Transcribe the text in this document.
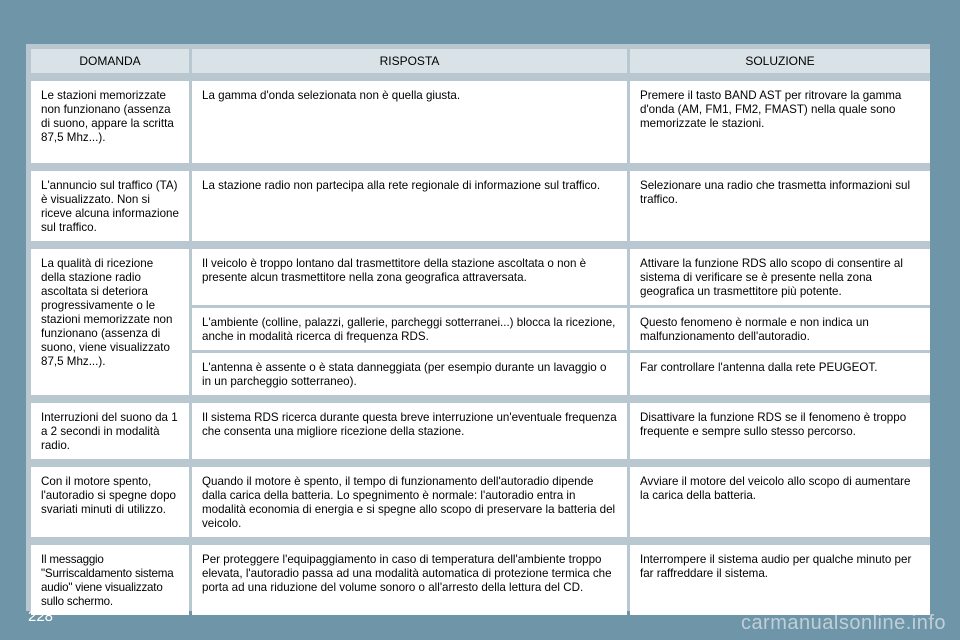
DOMANDA	RISPOSTA	SOLUZIONE

Le stazioni memorizzate non funzionano (assenza di suono, appare la scritta 87,5 Mhz...).	La gamma d'onda selezionata non è quella giusta.	Premere il tasto BAND AST per ritrovare la gamma d'onda (AM, FM1, FM2, FMAST) nella quale sono memorizzate le stazioni.

L'annuncio sul traffico (TA) è visualizzato. Non si riceve alcuna informazione sul traffico.	La stazione radio non partecipa alla rete regionale di informazione sul traffico.	Selezionare una radio che trasmetta informazioni sul traffico.

La qualità di ricezione della stazione radio ascoltata si deteriora progressivamente o le stazioni memorizzate non funzionano (assenza di suono, viene visualizzato 87,5 Mhz...).	Il veicolo è troppo lontano dal trasmettitore della stazione ascoltata o non è presente alcun trasmettitore nella zona geografica attraversata.	Attivare la funzione RDS allo scopo di consentire al sistema di verificare se è presente nella zona geografica un trasmettitore più potente.
	L'ambiente (colline, palazzi, gallerie, parcheggi sotterranei...) blocca la ricezione, anche in modalità ricerca di frequenza RDS.	Questo fenomeno è normale e non indica un malfunzionamento dell'autoradio.
	L'antenna è assente o è stata danneggiata (per esempio durante un lavaggio o in un parcheggio sotterraneo).	Far controllare l'antenna dalla rete PEUGEOT.

Interruzioni del suono da 1 a 2 secondi in modalità radio.	Il sistema RDS ricerca durante questa breve interruzione un'eventuale frequenza che consenta una migliore ricezione della stazione.	Disattivare la funzione RDS se il fenomeno è troppo frequente e sempre sullo stesso percorso.

Con il motore spento, l'autoradio si spegne dopo svariati minuti di utilizzo.	Quando il motore è spento, il tempo di funzionamento dell'autoradio dipende dalla carica della batteria. Lo spegnimento è normale: l'autoradio entra in modalità economia di energia e si spegne allo scopo di preservare la batteria del veicolo.	Avviare il motore del veicolo allo scopo di aumentare la carica della batteria.

Il messaggio "Surriscaldamento sistema audio" viene visualizzato sullo schermo.	Per proteggere l'equipaggiamento in caso di temperatura dell'ambiente troppo elevata, l'autoradio passa ad una modalità automatica di protezione termica che porta ad una riduzione del volume sonoro o all'arresto della lettura del CD.	Interrompere il sistema audio per qualche minuto per far raffreddare il sistema.
228	carmanualsonline.info
